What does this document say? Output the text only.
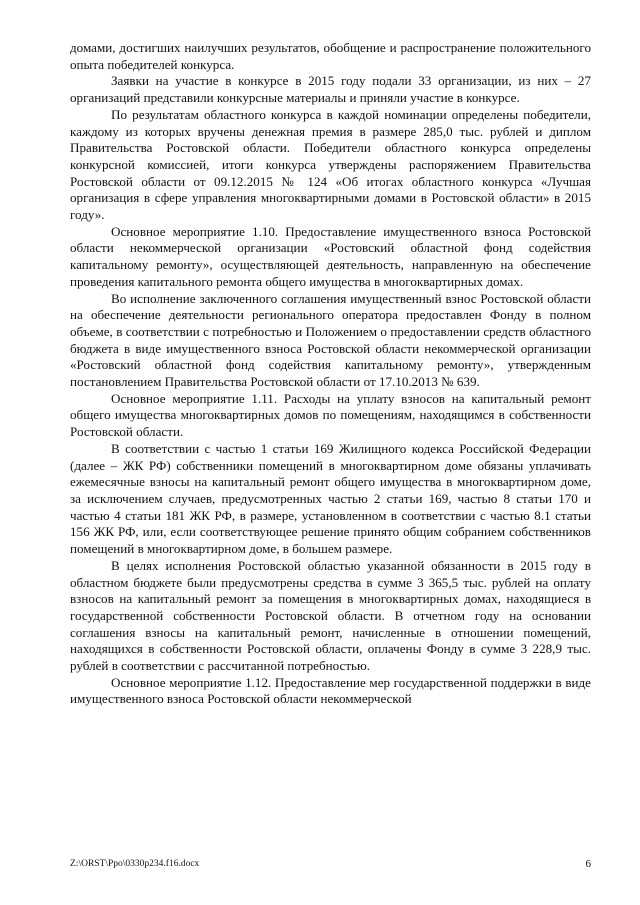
домами, достигших наилучших результатов, обобщение и распространение положительного опыта победителей конкурса.

Заявки на участие в конкурсе в 2015 году подали 33 организации, из них – 27 организаций представили конкурсные материалы и приняли участие в конкурсе.

По результатам областного конкурса в каждой номинации определены победители, каждому из которых вручены денежная премия в размере 285,0 тыс. рублей и диплом Правительства Ростовской области. Победители областного конкурса определены конкурсной комиссией, итоги конкурса утверждены распоряжением Правительства Ростовской области от 09.12.2015 № 124 «Об итогах областного конкурса «Лучшая организация в сфере управления многоквартирными домами в Ростовской области» в 2015 году».

Основное мероприятие 1.10. Предоставление имущественного взноса Ростовской области некоммерческой организации «Ростовский областной фонд содействия капитальному ремонту», осуществляющей деятельность, направленную на обеспечение проведения капитального ремонта общего имущества в многоквартирных домах.

Во исполнение заключенного соглашения имущественный взнос Ростовской области на обеспечение деятельности регионального оператора предоставлен Фонду в полном объеме, в соответствии с потребностью и Положением о предоставлении средств областного бюджета в виде имущественного взноса Ростовской области некоммерческой организации «Ростовский областной фонд содействия капитальному ремонту», утвержденным постановлением Правительства Ростовской области от 17.10.2013 № 639.

Основное мероприятие 1.11. Расходы на уплату взносов на капитальный ремонт общего имущества многоквартирных домов по помещениям, находящимся в собственности Ростовской области.

В соответствии с частью 1 статьи 169 Жилищного кодекса Российской Федерации (далее – ЖК РФ) собственники помещений в многоквартирном доме обязаны уплачивать ежемесячные взносы на капитальный ремонт общего имущества в многоквартирном доме, за исключением случаев, предусмотренных частью 2 статьи 169, частью 8 статьи 170 и частью 4 статьи 181 ЖК РФ, в размере, установленном в соответствии с частью 8.1 статьи 156 ЖК РФ, или, если соответствующее решение принято общим собранием собственников помещений в многоквартирном доме, в большем размере.

В целях исполнения Ростовской областью указанной обязанности в 2015 году в областном бюджете были предусмотрены средства в сумме 3 365,5 тыс. рублей на оплату взносов на капитальный ремонт за помещения в многоквартирных домах, находящиеся в государственной собственности Ростовской области. В отчетном году на основании соглашения взносы на капитальный ремонт, начисленные в отношении помещений, находящихся в собственности Ростовской области, оплачены Фонду в сумме 3 228,9 тыс. рублей в соответствии с рассчитанной потребностью.

Основное мероприятие 1.12. Предоставление мер государственной поддержки в виде имущественного взноса Ростовской области некоммерческой

Z:\ORST\Ppo\0330p234.f16.docx	6
